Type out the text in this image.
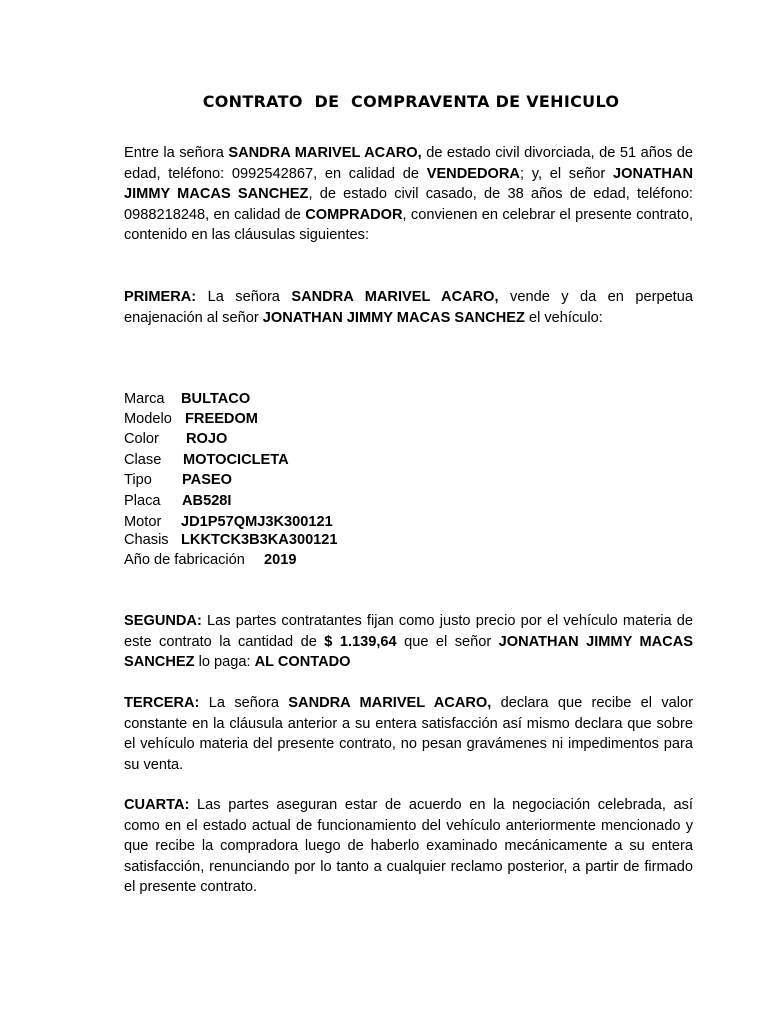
CONTRATO  DE  COMPRAVENTA DE VEHICULO

Entre la señora SANDRA MARIVEL ACARO, de estado civil divorciada, de 51 años de edad, teléfono: 0992542867, en calidad de VENDEDORA; y, el señor JONATHAN JIMMY MACAS SANCHEZ, de estado civil casado, de 38 años de edad, teléfono: 0988218248, en calidad de COMPRADOR, convienen en celebrar el presente contrato, contenido en las cláusulas siguientes:

PRIMERA: La señora SANDRA MARIVEL ACARO, vende y da en perpetua enajenación al señor JONATHAN JIMMY MACAS SANCHEZ el vehículo:

Marca BULTACO
Modelo FREEDOM
Color ROJO
Clase MOTOCICLETA
Tipo PASEO
Placa AB528I
Motor JD1P57QMJ3K300121
Chasis LKKTCK3B3KA300121
Año de fabricación 2019

SEGUNDA: Las partes contratantes fijan como justo precio por el vehículo materia de este contrato la cantidad de $ 1.139,64 que el señor JONATHAN JIMMY MACAS SANCHEZ lo paga: AL CONTADO

TERCERA: La señora SANDRA MARIVEL ACARO, declara que recibe el valor constante en la cláusula anterior a su entera satisfacción así mismo declara que sobre el vehículo materia del presente contrato, no pesan gravámenes ni impedimentos para su venta.

CUARTA: Las partes aseguran estar de acuerdo en la negociación celebrada, así como en el estado actual de funcionamiento del vehículo anteriormente mencionado y que recibe la compradora luego de haberlo examinado mecánicamente a su entera satisfacción, renunciando por lo tanto a cualquier reclamo posterior, a partir de firmado el presente contrato.
